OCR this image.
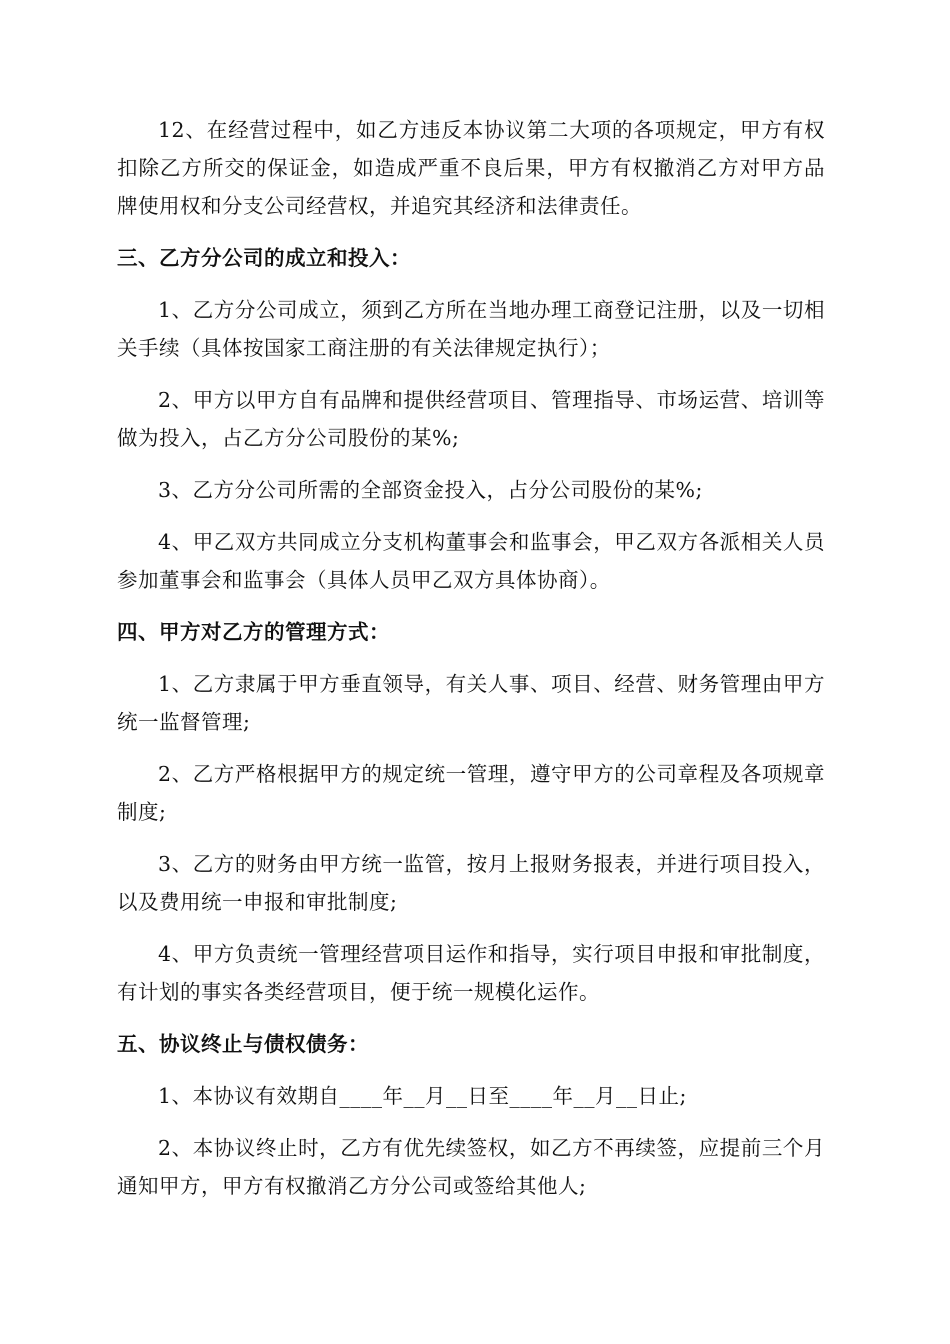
12、在经营过程中，如乙方违反本协议第二大项的各项规定，甲方有权扣除乙方所交的保证金，如造成严重不良后果，甲方有权撤消乙方对甲方品牌使用权和分支公司经营权，并追究其经济和法律责任。

三、乙方分公司的成立和投入：

1、乙方分公司成立，须到乙方所在当地办理工商登记注册，以及一切相关手续（具体按国家工商注册的有关法律规定执行）；

2、甲方以甲方自有品牌和提供经营项目、管理指导、市场运营、培训等做为投入，占乙方分公司股份的某%;

3、乙方分公司所需的全部资金投入，占分公司股份的某%;

4、甲乙双方共同成立分支机构董事会和监事会，甲乙双方各派相关人员参加董事会和监事会（具体人员甲乙双方具体协商）。

四、甲方对乙方的管理方式：

1、乙方隶属于甲方垂直领导，有关人事、项目、经营、财务管理由甲方统一监督管理;

2、乙方严格根据甲方的规定统一管理，遵守甲方的公司章程及各项规章制度;

3、乙方的财务由甲方统一监管，按月上报财务报表，并进行项目投入，以及费用统一申报和审批制度;

4、甲方负责统一管理经营项目运作和指导，实行项目申报和审批制度，有计划的事实各类经营项目，便于统一规模化运作。

五、协议终止与债权债务：

1、本协议有效期自____年__月__日至____年__月__日止;

2、本协议终止时，乙方有优先续签权，如乙方不再续签，应提前三个月通知甲方，甲方有权撤消乙方分公司或签给其他人;
